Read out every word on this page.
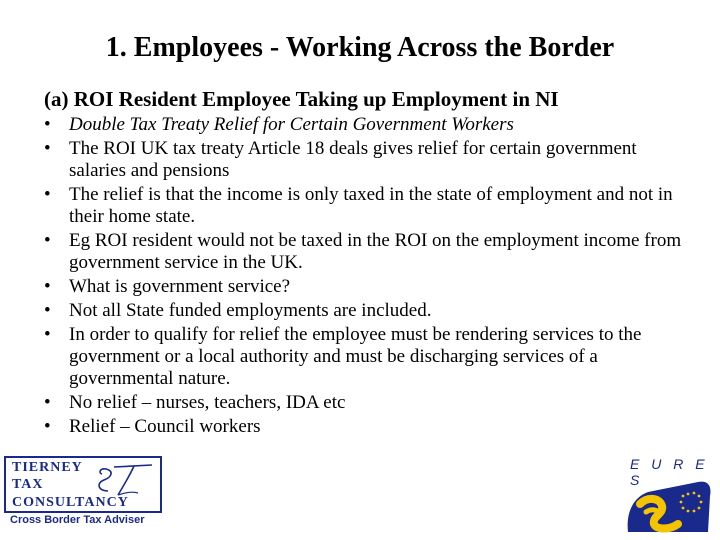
1. Employees - Working Across the Border
(a) ROI Resident Employee Taking up Employment in NI
• Double Tax Treaty Relief for Certain Government Workers
• The ROI UK tax treaty Article 18 deals gives relief for certain government salaries and pensions
• The relief is that the income is only taxed in the state of employment and not in their home state.
• Eg ROI resident would not be taxed in the ROI on the employment income from government service in the UK.
• What is government service?
• Not all State funded employments are included.
• In order to qualify for relief the employee must be rendering services to the government or a local authority and must be discharging services of a governmental nature.
• No relief – nurses, teachers, IDA etc
• Relief – Council workers
TIERNEY
TAX
CONSULTANCY
Cross Border Tax Adviser
E U R E S
